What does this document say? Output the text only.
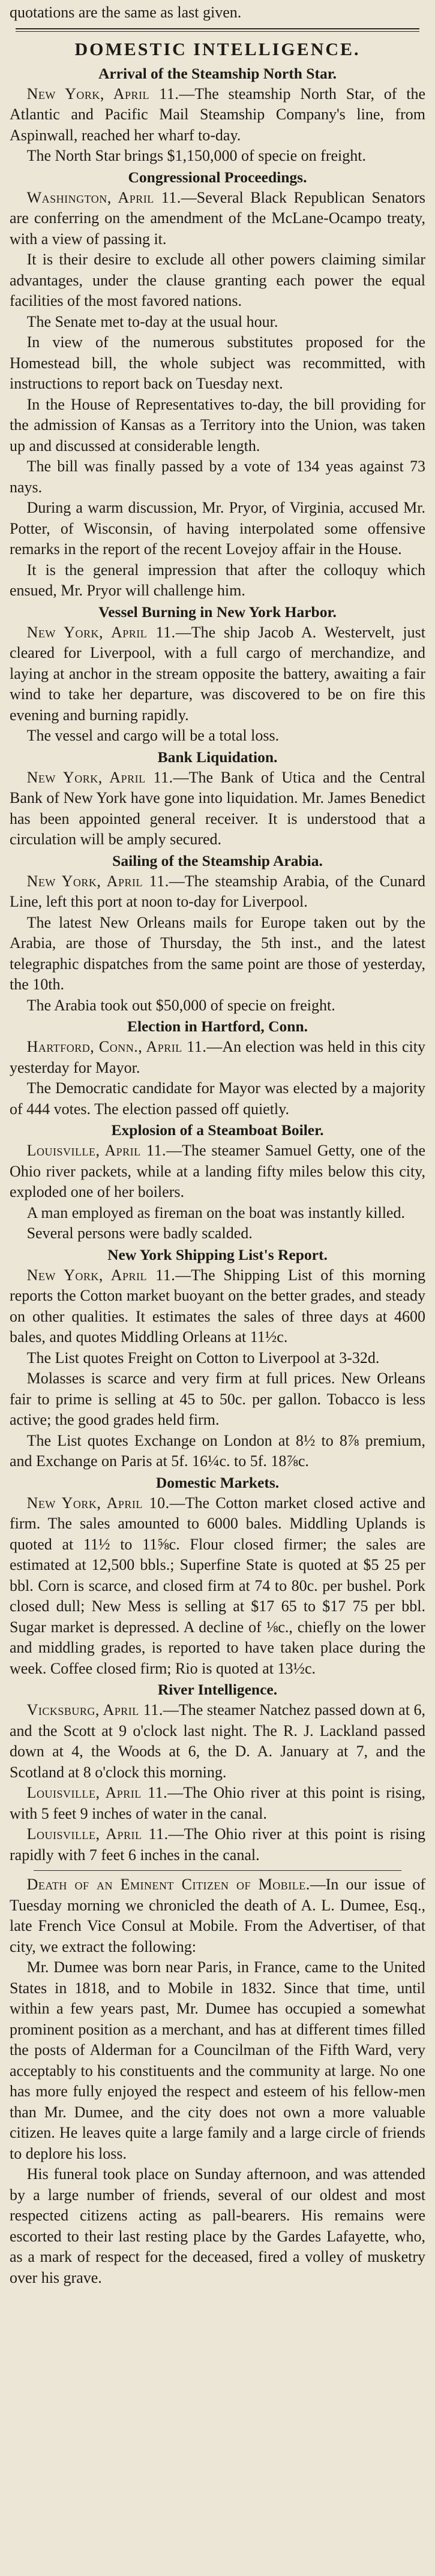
quotations are the same as last given.

DOMESTIC INTELLIGENCE.
Arrival of the Steamship North Star.

New York, April 11.—The steamship North Star, of the Atlantic and Pacific Mail Steamship Company's line, from Aspinwall, reached her wharf to-day.

The North Star brings $1,150,000 of specie on freight.

Congressional Proceedings.

Washington, April 11.—Several Black Republican Senators are conferring on the amendment of the McLane-Ocampo treaty, with a view of passing it.

It is their desire to exclude all other powers claiming similar advantages, under the clause granting each power the equal facilities of the most favored nations.

The Senate met to-day at the usual hour.

In view of the numerous substitutes proposed for the Homestead bill, the whole subject was recommitted, with instructions to report back on Tuesday next.

In the House of Representatives to-day, the bill providing for the admission of Kansas as a Territory into the Union, was taken up and discussed at considerable length.

The bill was finally passed by a vote of 134 yeas against 73 nays.

During a warm discussion, Mr. Pryor, of Virginia, accused Mr. Potter, of Wisconsin, of having interpolated some offensive remarks in the report of the recent Lovejoy affair in the House.

It is the general impression that after the colloquy which ensued, Mr. Pryor will challenge him.

Vessel Burning in New York Harbor.

New York, April 11.—The ship Jacob A. Westervelt, just cleared for Liverpool, with a full cargo of merchandize, and laying at anchor in the stream opposite the battery, awaiting a fair wind to take her departure, was discovered to be on fire this evening and burning rapidly.

The vessel and cargo will be a total loss.

Bank Liquidation.

New York, April 11.—The Bank of Utica and the Central Bank of New York have gone into liquidation. Mr. James Benedict has been appointed general receiver. It is understood that a circulation will be amply secured.

Sailing of the Steamship Arabia.

New York, April 11.—The steamship Arabia, of the Cunard Line, left this port at noon to-day for Liverpool.

The latest New Orleans mails for Europe taken out by the Arabia, are those of Thursday, the 5th inst., and the latest telegraphic dispatches from the same point are those of yesterday, the 10th.

The Arabia took out $50,000 of specie on freight.

Election in Hartford, Conn.

Hartford, Conn., April 11.—An election was held in this city yesterday for Mayor.

The Democratic candidate for Mayor was elected by a majority of 444 votes. The election passed off quietly.

Explosion of a Steamboat Boiler.

Louisville, April 11.—The steamer Samuel Getty, one of the Ohio river packets, while at a landing fifty miles below this city, exploded one of her boilers.

A man employed as fireman on the boat was instantly killed.

Several persons were badly scalded.

New York Shipping List's Report.

New York, April 11.—The Shipping List of this morning reports the Cotton market buoyant on the better grades, and steady on other qualities. It estimates the sales of three days at 4600 bales, and quotes Middling Orleans at 11½c.

The List quotes Freight on Cotton to Liverpool at 3-32d.

Molasses is scarce and very firm at full prices. New Orleans fair to prime is selling at 45 to 50c. per gallon. Tobacco is less active; the good grades held firm.

The List quotes Exchange on London at 8½ to 8⅞ premium, and Exchange on Paris at 5f. 16¼c. to 5f. 18⅞c.

Domestic Markets.

New York, April 10.—The Cotton market closed active and firm. The sales amounted to 6000 bales. Middling Uplands is quoted at 11½ to 11⅝c. Flour closed firmer; the sales are estimated at 12,500 bbls.; Superfine State is quoted at $5 25 per bbl. Corn is scarce, and closed firm at 74 to 80c. per bushel. Pork closed dull; New Mess is selling at $17 65 to $17 75 per bbl. Sugar market is depressed. A decline of ⅛c., chiefly on the lower and middling grades, is reported to have taken place during the week. Coffee closed firm; Rio is quoted at 13½c.

River Intelligence.

Vicksburg, April 11.—The steamer Natchez passed down at 6, and the Scott at 9 o'clock last night. The R. J. Lackland passed down at 4, the Woods at 6, the D. A. January at 7, and the Scotland at 8 o'clock this morning.

Louisville, April 11.—The Ohio river at this point is rising, with 5 feet 9 inches of water in the canal.

Louisville, April 11.—The Ohio river at this point is rising rapidly with 7 feet 6 inches in the canal.

Death of an Eminent Citizen of Mobile.—In our issue of Tuesday morning we chronicled the death of A. L. Dumee, Esq., late French Vice Consul at Mobile. From the Advertiser, of that city, we extract the following:

Mr. Dumee was born near Paris, in France, came to the United States in 1818, and to Mobile in 1832. Since that time, until within a few years past, Mr. Dumee has occupied a somewhat prominent position as a merchant, and has at different times filled the posts of Alderman for a Councilman of the Fifth Ward, very acceptably to his constituents and the community at large. No one has more fully enjoyed the respect and esteem of his fellow-men than Mr. Dumee, and the city does not own a more valuable citizen. He leaves quite a large family and a large circle of friends to deplore his loss.

His funeral took place on Sunday afternoon, and was attended by a large number of friends, several of our oldest and most respected citizens acting as pall-bearers. His remains were escorted to their last resting place by the Gardes Lafayette, who, as a mark of respect for the deceased, fired a volley of musketry over his grave.
